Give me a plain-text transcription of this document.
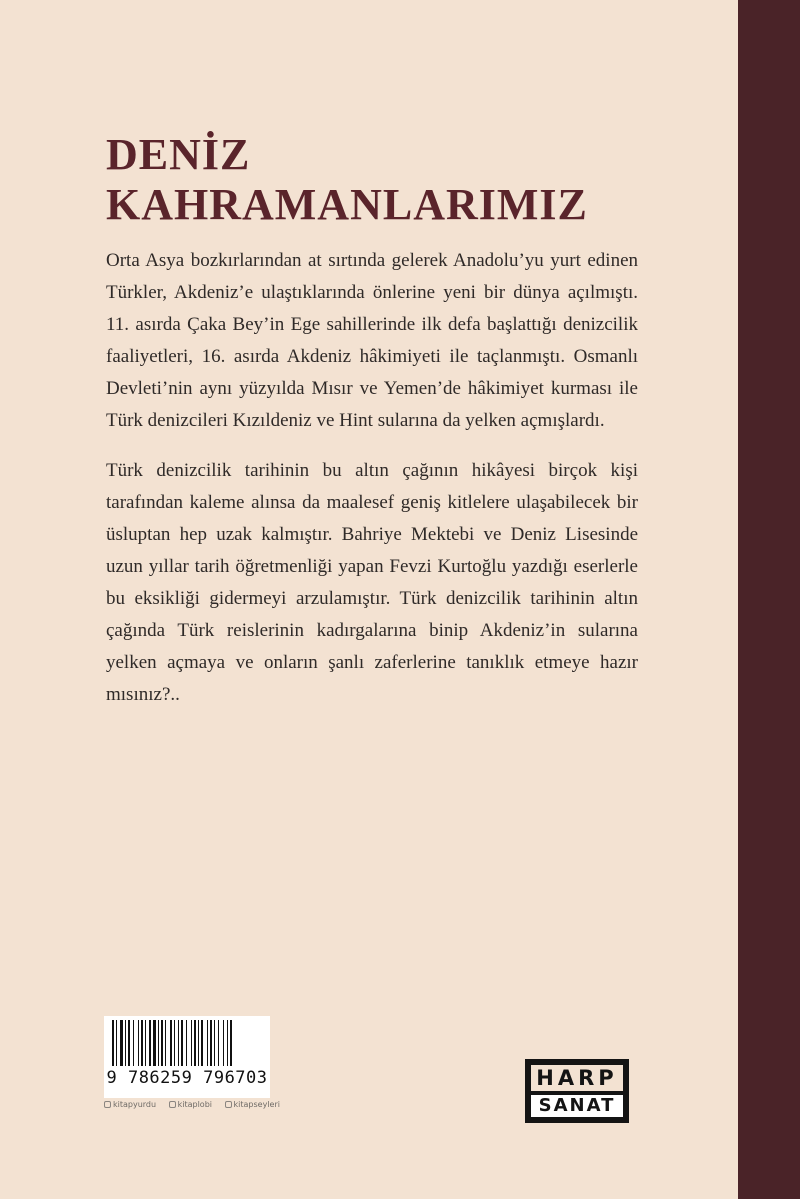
DENİZ
KAHRAMANLARIMIZ

Orta Asya bozkırlarından at sırtında gelerek Anadolu’yu yurt edinen Türkler, Akdeniz’e ulaştıklarında önlerine yeni bir dünya açılmıştı. 11. asırda Çaka Bey’in Ege sahillerinde ilk defa başlattığı denizcilik faaliyetleri, 16. asırda Akdeniz hâkimiyeti ile taçlanmıştı. Osmanlı Devleti’nin aynı yüzyılda Mısır ve Yemen’de hâkimiyet kurması ile Türk denizcileri Kızıldeniz ve Hint sularına da yelken açmışlardı.

Türk denizcilik tarihinin bu altın çağının hikâyesi birçok kişi tarafından kaleme alınsa da maalesef geniş kitlelere ulaşabilecek bir üsluptan hep uzak kalmıştır. Bahriye Mektebi ve Deniz Lisesinde uzun yıllar tarih öğretmenliği yapan Fevzi Kurtoğlu yazdığı eserlerle bu eksikliği gidermeyi arzulamıştır. Türk denizcilik tarihinin altın çağında Türk reislerinin kadırgalarına binip Akdeniz’in sularına yelken açmaya ve onların şanlı zaferlerine tanıklık etmeye hazır mısınız?..

9 786259 796703
kitapyurdu	kitaplobi	kitapseyleri
HARP
SANAT
